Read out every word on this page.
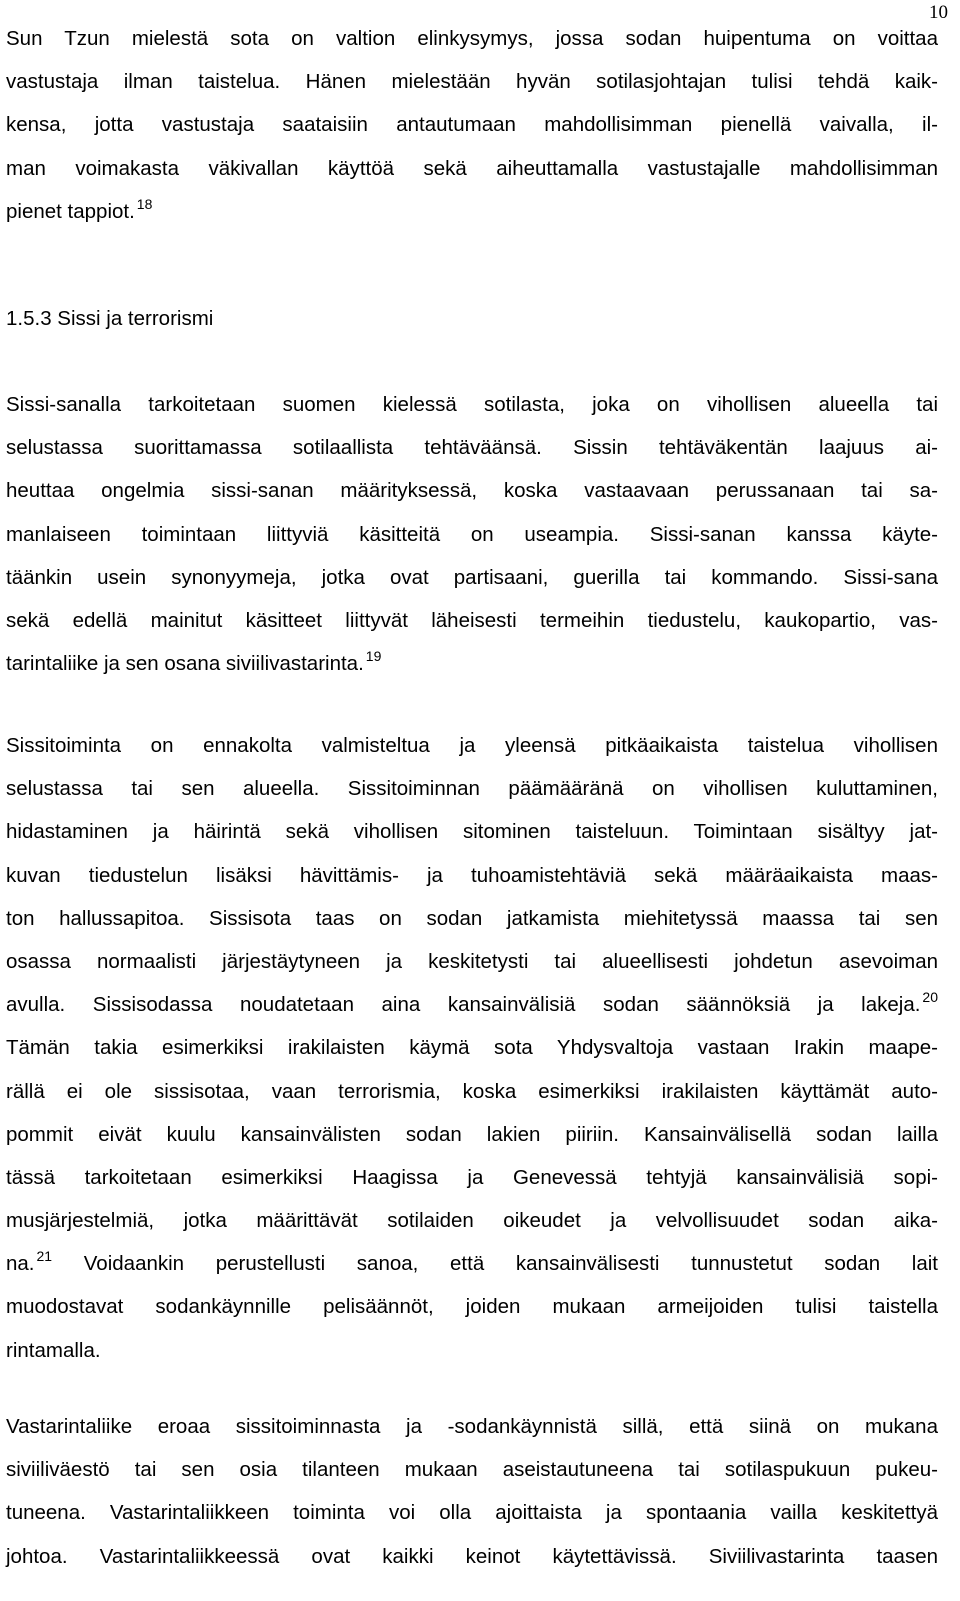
10

Sun Tzun mielestä sota on valtion elinkysymys, jossa sodan huipentuma on voittaa
vastustaja ilman taistelua. Hänen mielestään hyvän sotilasjohtajan tulisi tehdä kaik-
kensa, jotta vastustaja saataisiin antautumaan mahdollisimman pienellä vaivalla, il-
man voimakasta väkivallan käyttöä sekä aiheuttamalla vastustajalle mahdollisimman
pienet tappiot. $^{18}$
1.5.3 Sissi ja terrorismi
Sissi-sanalla tarkoitetaan suomen kielessä sotilasta, joka on vihollisen alueella tai
selustassa suorittamassa sotilaallista tehtäväänsä. Sissin tehtäväkentän laajuus ai-
heuttaa ongelmia sissi-sanan määrityksessä, koska vastaavaan perussanaan tai sa-
manlaiseen toimintaan liittyviä käsitteitä on useampia. Sissi-sanan kanssa käyte-
täänkin usein synonyymeja, jotka ovat partisaani, guerilla tai kommando. Sissi-sana
sekä edellä mainitut käsitteet liittyvät läheisesti termeihin tiedustelu, kaukopartio, vas-
tarintaliike ja sen osana siviilivastarinta. $^{19}$
Sissitoiminta on ennakolta valmisteltua ja yleensä pitkäaikaista taistelua vihollisen
selustassa tai sen alueella. Sissitoiminnan päämääränä on vihollisen kuluttaminen,
hidastaminen ja häirintä sekä vihollisen sitominen taisteluun. Toimintaan sisältyy jat-
kuvan tiedustelun lisäksi hävittämis- ja tuhoamistehtäviä sekä määräaikaista maas-
ton hallussapitoa. Sissisota taas on sodan jatkamista miehitetyssä maassa tai sen
osassa normaalisti järjestäytyneen ja keskitetysti tai alueellisesti johdetun asevoiman
avulla. Sissisodassa noudatetaan aina kansainvälisiä sodan säännöksiä ja lakeja. $^{20}$
Tämän takia esimerkiksi irakilaisten käymä sota Yhdysvaltoja vastaan Irakin maape-
rällä ei ole sissisotaa, vaan terrorismia, koska esimerkiksi irakilaisten käyttämät auto-
pommit eivät kuulu kansainvälisten sodan lakien piiriin. Kansainvälisellä sodan lailla
tässä tarkoitetaan esimerkiksi Haagissa ja Genevessä tehtyjä kansainvälisiä sopi-
musjärjestelmiä, jotka määrittävät sotilaiden oikeudet ja velvollisuudet sodan aika-
na. $^{21}$ Voidaankin perustellusti sanoa, että kansainvälisesti tunnustetut sodan lait
muodostavat sodankäynnille pelisäännöt, joiden mukaan armeijoiden tulisi taistella
rintamalla.
Vastarintaliike eroaa sissitoiminnasta ja -sodankäynnistä sillä, että siinä on mukana
siviiliväestö tai sen osia tilanteen mukaan aseistautuneena tai sotilaspukuun pukeu-
tuneena. Vastarintaliikkeen toiminta voi olla ajoittaista ja spontaania vailla keskitettyä
johtoa. Vastarintaliikkeessä ovat kaikki keinot käytettävissä. Siviilivastarinta taasen
